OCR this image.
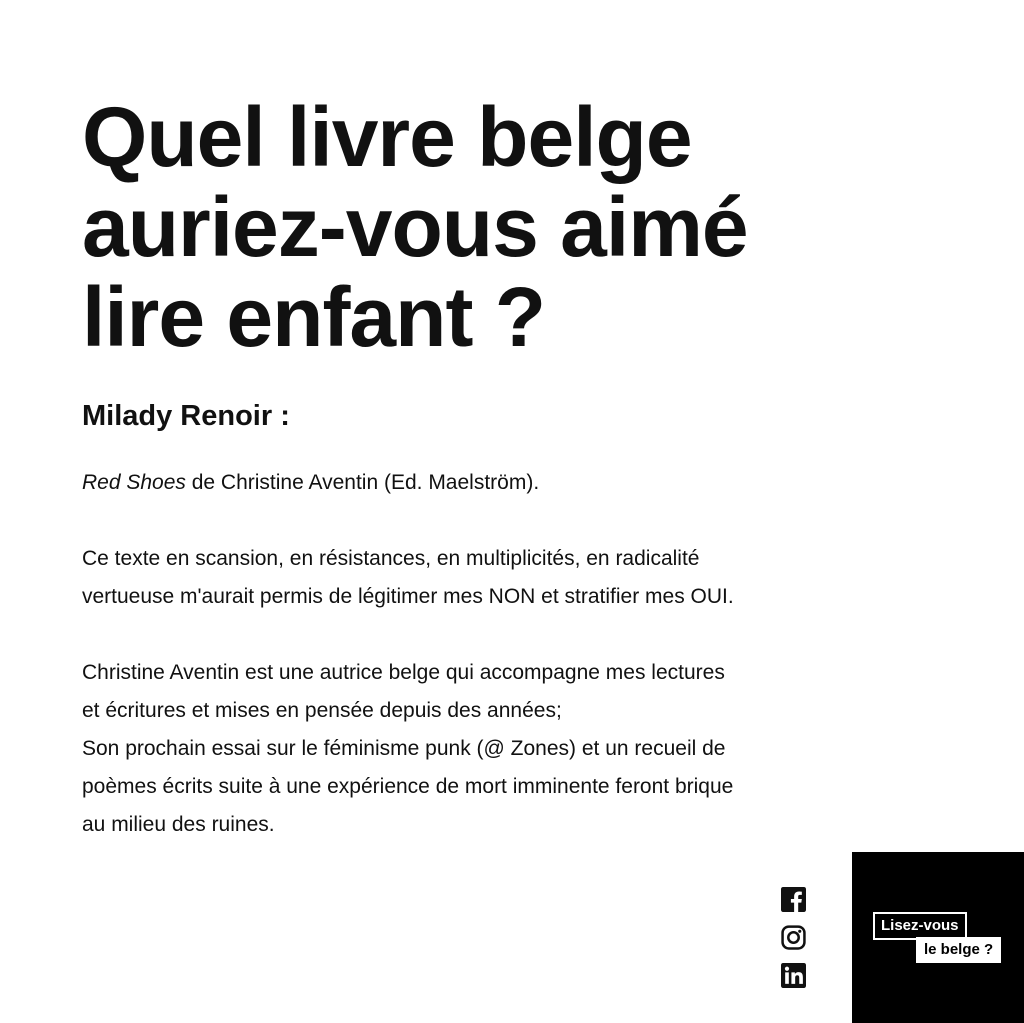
Quel livre belge
auriez-vous aimé
lire enfant ?
Milady Renoir :

Red Shoes de Christine Aventin (Ed. Maelström).

Ce texte en scansion, en résistances, en multiplicités, en radicalité

vertueuse m'aurait permis de légitimer mes NON et stratifier mes OUI.

Christine Aventin est une autrice belge qui accompagne mes lectures

et écritures et mises en pensée depuis des années;

Son prochain essai sur le féminisme punk (@ Zones) et un recueil de

poèmes écrits suite à une expérience de mort imminente feront brique

au milieu des ruines.

Lisez-vous
le belge ?
